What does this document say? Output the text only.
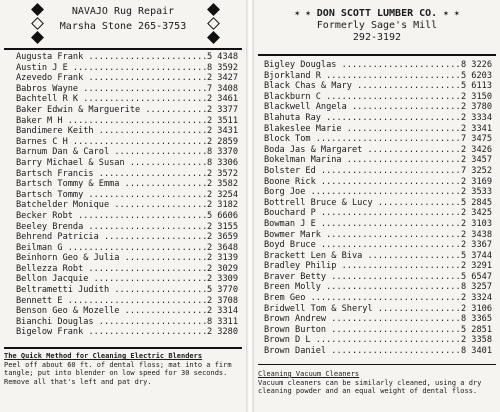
NAVAJO Rug Repair
Marsha Stone 265-3753
Augusta Frank .....	5 4348
Austin J E .....	8 3592
Azevedo Frank .....	2 3427
Babros Wayne .....	7 3408
Bachtell R K .....	2 3461
Baker Edwin & Marguerite .....	2 3377
Baker M H .....	2 3511
Bandimere Keith .....	2 3431
Barnes C H .....	2 2859
Barnum Dan & Carol .....	8 3370
Barry Michael & Susan .....	8 3306
Bartsch Francis .....	2 3572
Bartsch Tommy & Emma .....	2 3582
Bartsch Tommy .....	2 3254
Batchelder Monique .....	2 3182
Becker Robt .....	5 6606
Beeley Brenda .....	2 3155
Behrend Patricia .....	2 3659
Beilman G .....	2 3648
Beinhorn Geo & Julia .....	2 3139
Bellezza Robt .....	2 3029
Bellon Jacquie .....	2 3309
Beltrametti Judith .....	5 3770
Bennett E .....	2 3708
Benson Geo & Mozelle .....	2 3314
Bianchi Douglas .....	8 3311
Bigelow Frank .....	2 3280
The Quick Method for Cleaning Electric Blenders
Peel off about 60 ft. of dental floss; mat into a firm tangle; put into blender on low speed for 30 seconds. Remove all that's left and pat dry.
✶ ✶ DON SCOTT LUMBER CO. ✶ ✶
Formerly Sage's Mill
292-3192
Bigley Douglas .....	8 3226
Bjorkland R .....	5 6203
Black Chas & Mary .....	5 6113
Blackburn C .....	2 3150
Blackwell Angela .....	2 3780
Blahuta Ray .....	2 3334
Blakeslee Marie .....	2 3341
Block Tom .....	7 3475
Boda Jas & Margaret .....	2 3426
Bokelman Marina .....	2 3457
Bolster Ed .....	7 3252
Boone Rick .....	2 3169
Borg Joe .....	2 3533
Bottrell Bruce & Lucy .....	5 2845
Bouchard P .....	2 3425
Bowman J E .....	2 3103
Bowmer Mark .....	2 3438
Boyd Bruce .....	2 3367
Brackett Len & Biva .....	5 3744
Bradley Philip .....	2 3291
Braver Betty .....	5 6547
Breen Molly .....	8 3257
Brem Geo .....	2 3324
Bridwell Tom & Sheryl .....	2 3106
Brown Andrew .....	8 3365
Brown Burton .....	5 2851
Brown D L .....	2 3358
Brown Daniel .....	8 3401
Cleaning Vacuum Cleaners
Vacuum cleaners can be similarly cleaned, using a dry cleaning powder and an equal weight of dental floss.
